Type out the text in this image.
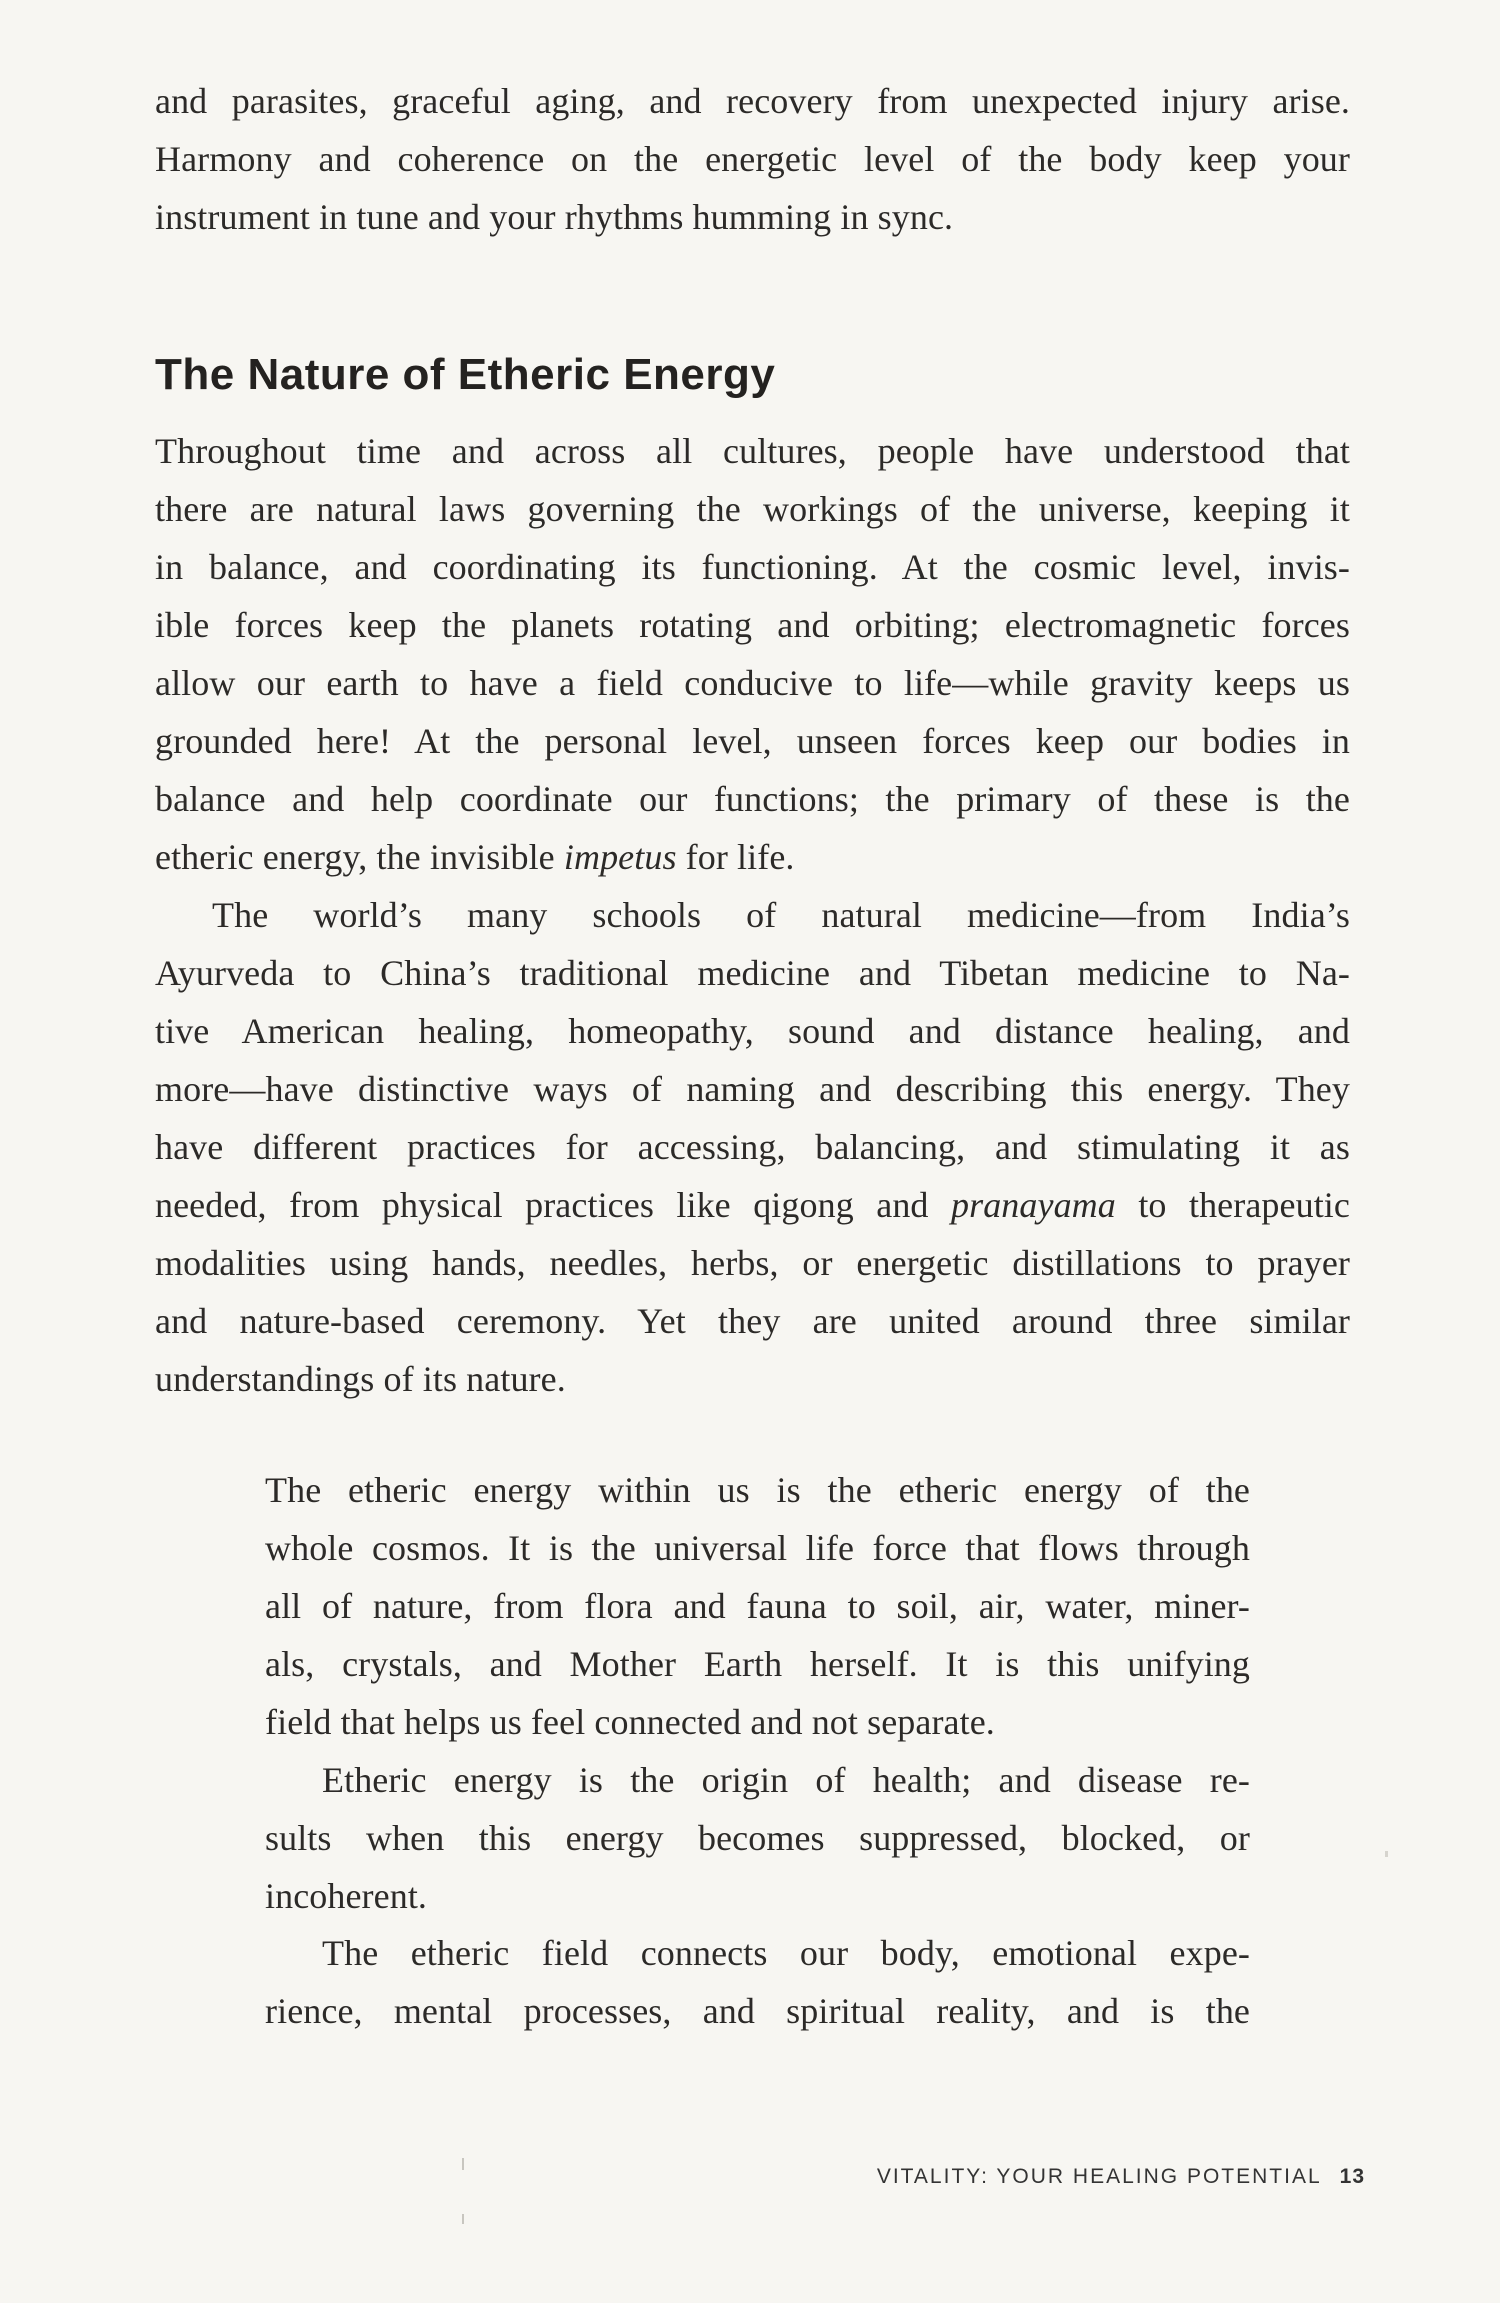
and parasites, graceful aging, and recovery from unexpected injury arise.
Harmony and coherence on the energetic level of the body keep your
instrument in tune and your rhythms humming in sync.
The Nature of Etheric Energy
Throughout time and across all cultures, people have understood that
there are natural laws governing the workings of the universe, keeping it
in balance, and coordinating its functioning. At the cosmic level, invis-
ible forces keep the planets rotating and orbiting; electromagnetic forces
allow our earth to have a field conducive to life—while gravity keeps us
grounded here! At the personal level, unseen forces keep our bodies in
balance and help coordinate our functions; the primary of these is the
etheric energy, the invisible impetus for life.
The world’s many schools of natural medicine—from India’s
Ayurveda to China’s traditional medicine and Tibetan medicine to Na-
tive American healing, homeopathy, sound and distance healing, and
more—have distinctive ways of naming and describing this energy. They
have different practices for accessing, balancing, and stimulating it as
needed, from physical practices like qigong and pranayama to therapeutic
modalities using hands, needles, herbs, or energetic distillations to prayer
and nature-based ceremony. Yet they are united around three similar
understandings of its nature.
The etheric energy within us is the etheric energy of the
whole cosmos. It is the universal life force that flows through
all of nature, from flora and fauna to soil, air, water, miner-
als, crystals, and Mother Earth herself. It is this unifying
field that helps us feel connected and not separate.
Etheric energy is the origin of health; and disease re-
sults when this energy becomes suppressed, blocked, or
incoherent.
The etheric field connects our body, emotional expe-
rience, mental processes, and spiritual reality, and is the
VITALITY: YOUR HEALING POTENTIAL 13
